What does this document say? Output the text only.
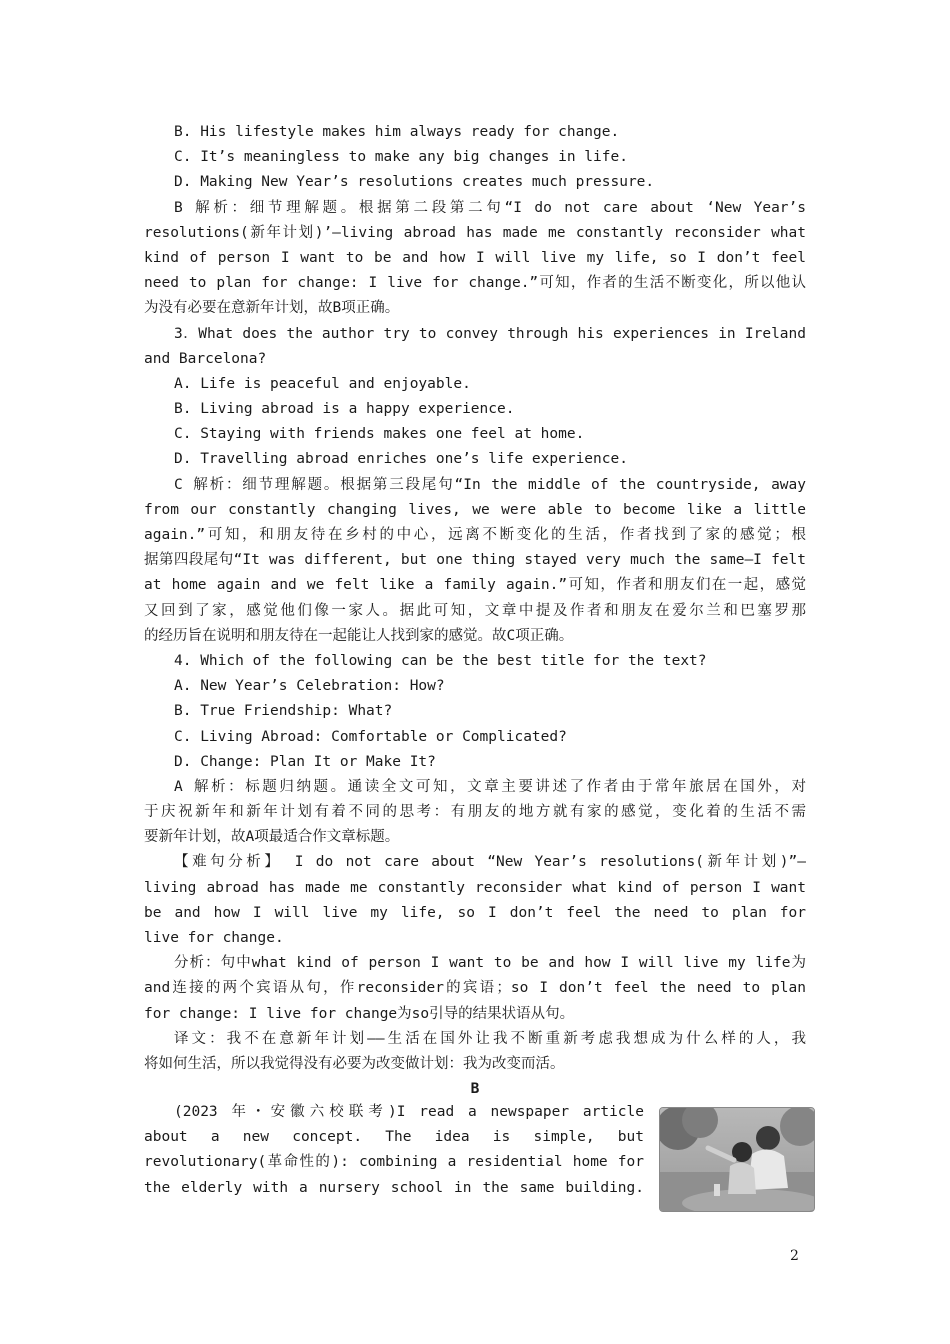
B. His lifestyle makes him always ready for change.
C. It’s meaningless to make any big changes in life.
D. Making New Year’s resolutions creates much pressure.
B 解析：细节理解题。根据第二段第二句“I do not care about ‘New Year’s
resolutions(新年计划)’—living abroad has made me constantly reconsider what
kind of person I want to be and how I will live my life, so I don’t feel
need to plan for change: I live for change.”可知，作者的生活不断变化，所以他认
为没有必要在意新年计划，故B项正确。
3．What does the author try to convey through his experiences in Ireland
and Barcelona?
A. Life is peaceful and enjoyable.
B. Living abroad is a happy experience.
C. Staying with friends makes one feel at home.
D. Travelling abroad enriches one’s life experience.
C 解析：细节理解题。根据第三段尾句“In the middle of the countryside, away
from our constantly changing lives, we were able to become like a little
again.”可知，和朋友待在乡村的中心，远离不断变化的生活，作者找到了家的感觉；根
据第四段尾句“It was different, but one thing stayed very much the same—I felt
at home again and we felt like a family again.”可知，作者和朋友们在一起，感觉
又回到了家，感觉他们像一家人。据此可知，文章中提及作者和朋友在爱尔兰和巴塞罗那
的经历旨在说明和朋友待在一起能让人找到家的感觉。故C项正确。
4. Which of the following can be the best title for the text?
A. New Year’s Celebration: How?
B. True Friendship: What?
C. Living Abroad: Comfortable or Complicated?
D. Change: Plan It or Make It?
A 解析：标题归纳题。通读全文可知，文章主要讲述了作者由于常年旅居在国外，对
于庆祝新年和新年计划有着不同的思考：有朋友的地方就有家的感觉，变化着的生活不需
要新年计划，故A项最适合作文章标题。
【难句分析】 I do not care about “New Year’s resolutions(新年计划)”—
living abroad has made me constantly reconsider what kind of person I want
be and how I will live my life, so I don’t feel the need to plan for
live for change.
分析：句中what kind of person I want to be and how I will live my life为
and连接的两个宾语从句，作reconsider的宾语；so I don’t feel the need to plan
for change: I live for change为so引导的结果状语从句。
译文：我不在意新年计划——生活在国外让我不断重新考虑我想成为什么样的人，我
将如何生活，所以我觉得没有必要为改变做计划：我为改变而活。
B
(2023 年・安徽六校联考)I read a newspaper article
about a new concept. The idea is simple, but
revolutionary(革命性的): combining a residential home for
the elderly with a nursery school in the same building.
2
